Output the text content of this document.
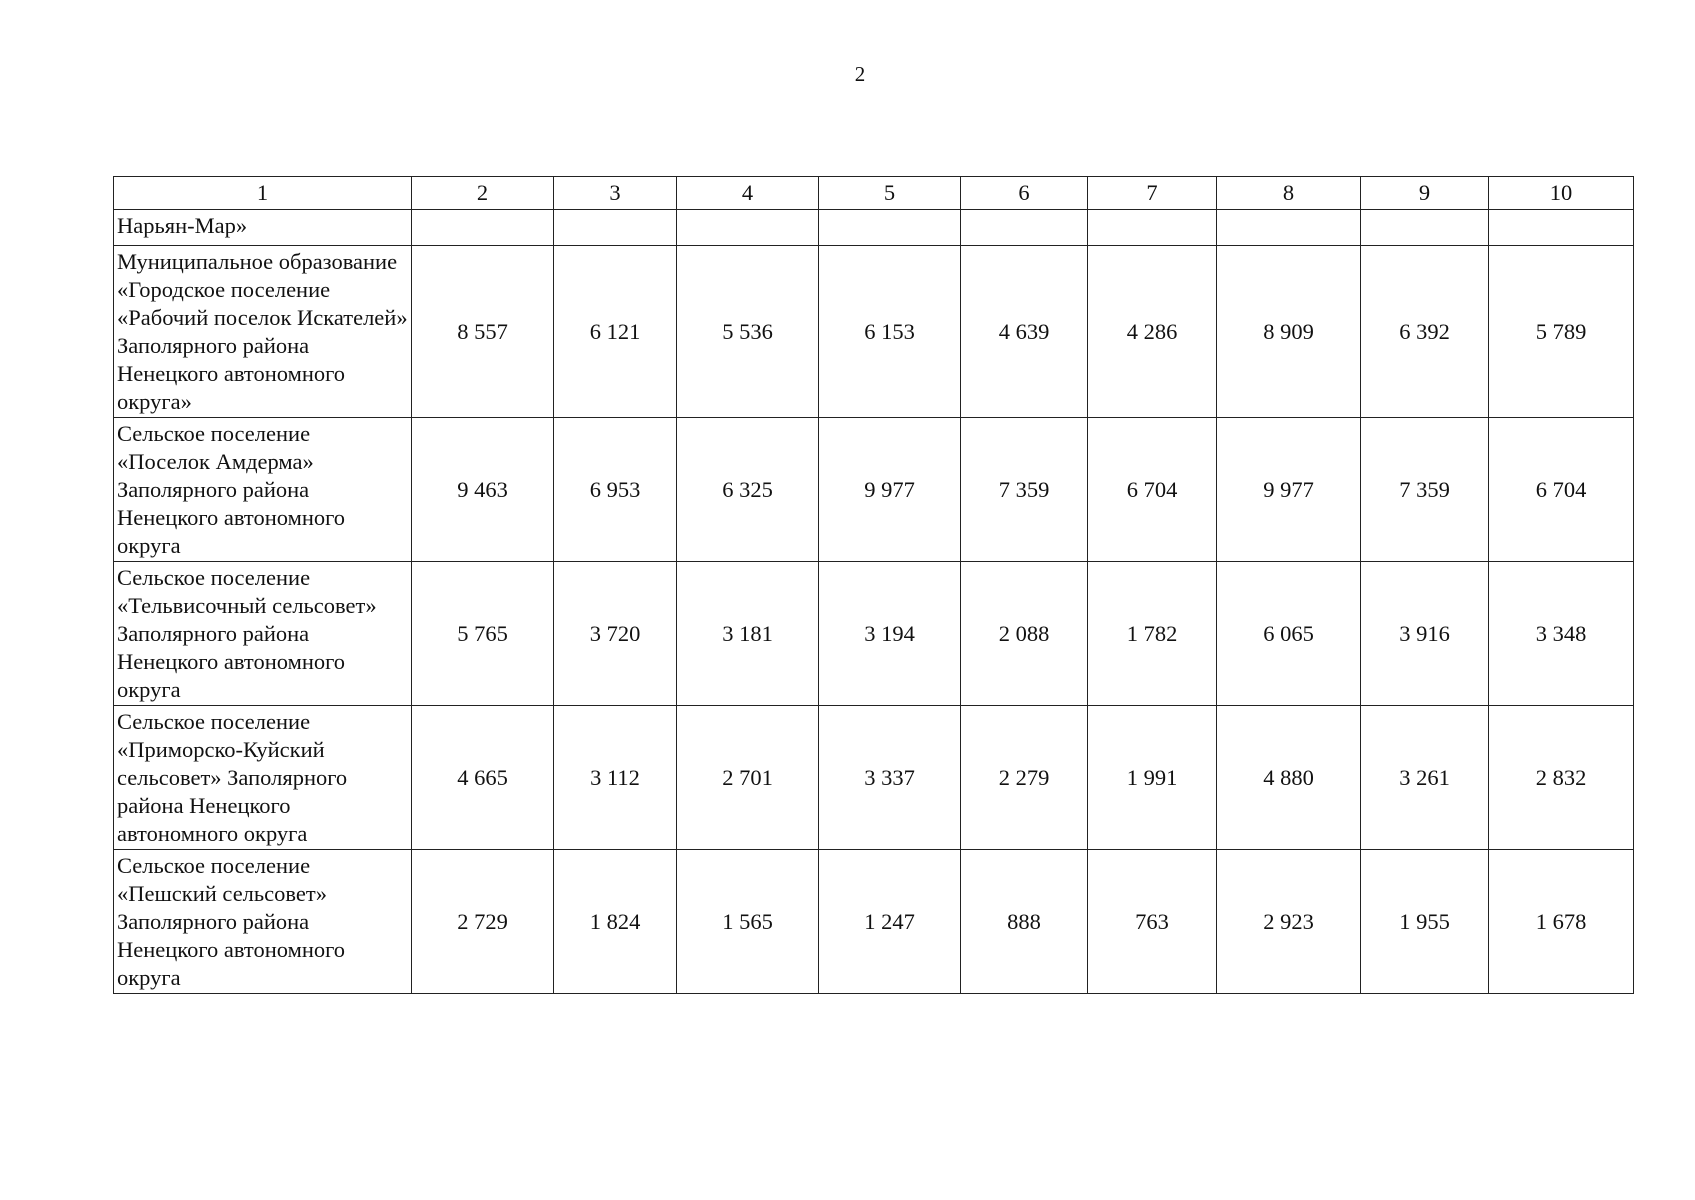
2
1	2	3	4	5	6	7	8	9	10
Нарьян-Мар»									
Муниципальное образование «Городское поселение «Рабочий поселок Искателей» Заполярного района Ненецкого автономного округа»	8 557	6 121	5 536	6 153	4 639	4 286	8 909	6 392	5 789
Сельское поселение «Поселок Амдерма» Заполярного района Ненецкого автономного округа	9 463	6 953	6 325	9 977	7 359	6 704	9 977	7 359	6 704
Сельское поселение «Тельвисочный сельсовет» Заполярного района Ненецкого автономного округа	5 765	3 720	3 181	3 194	2 088	1 782	6 065	3 916	3 348
Сельское поселение «Приморско-Куйский сельсовет» Заполярного района Ненецкого автономного округа	4 665	3 112	2 701	3 337	2 279	1 991	4 880	3 261	2 832
Сельское поселение «Пешский сельсовет» Заполярного района Ненецкого автономного округа	2 729	1 824	1 565	1 247	888	763	2 923	1 955	1 678
